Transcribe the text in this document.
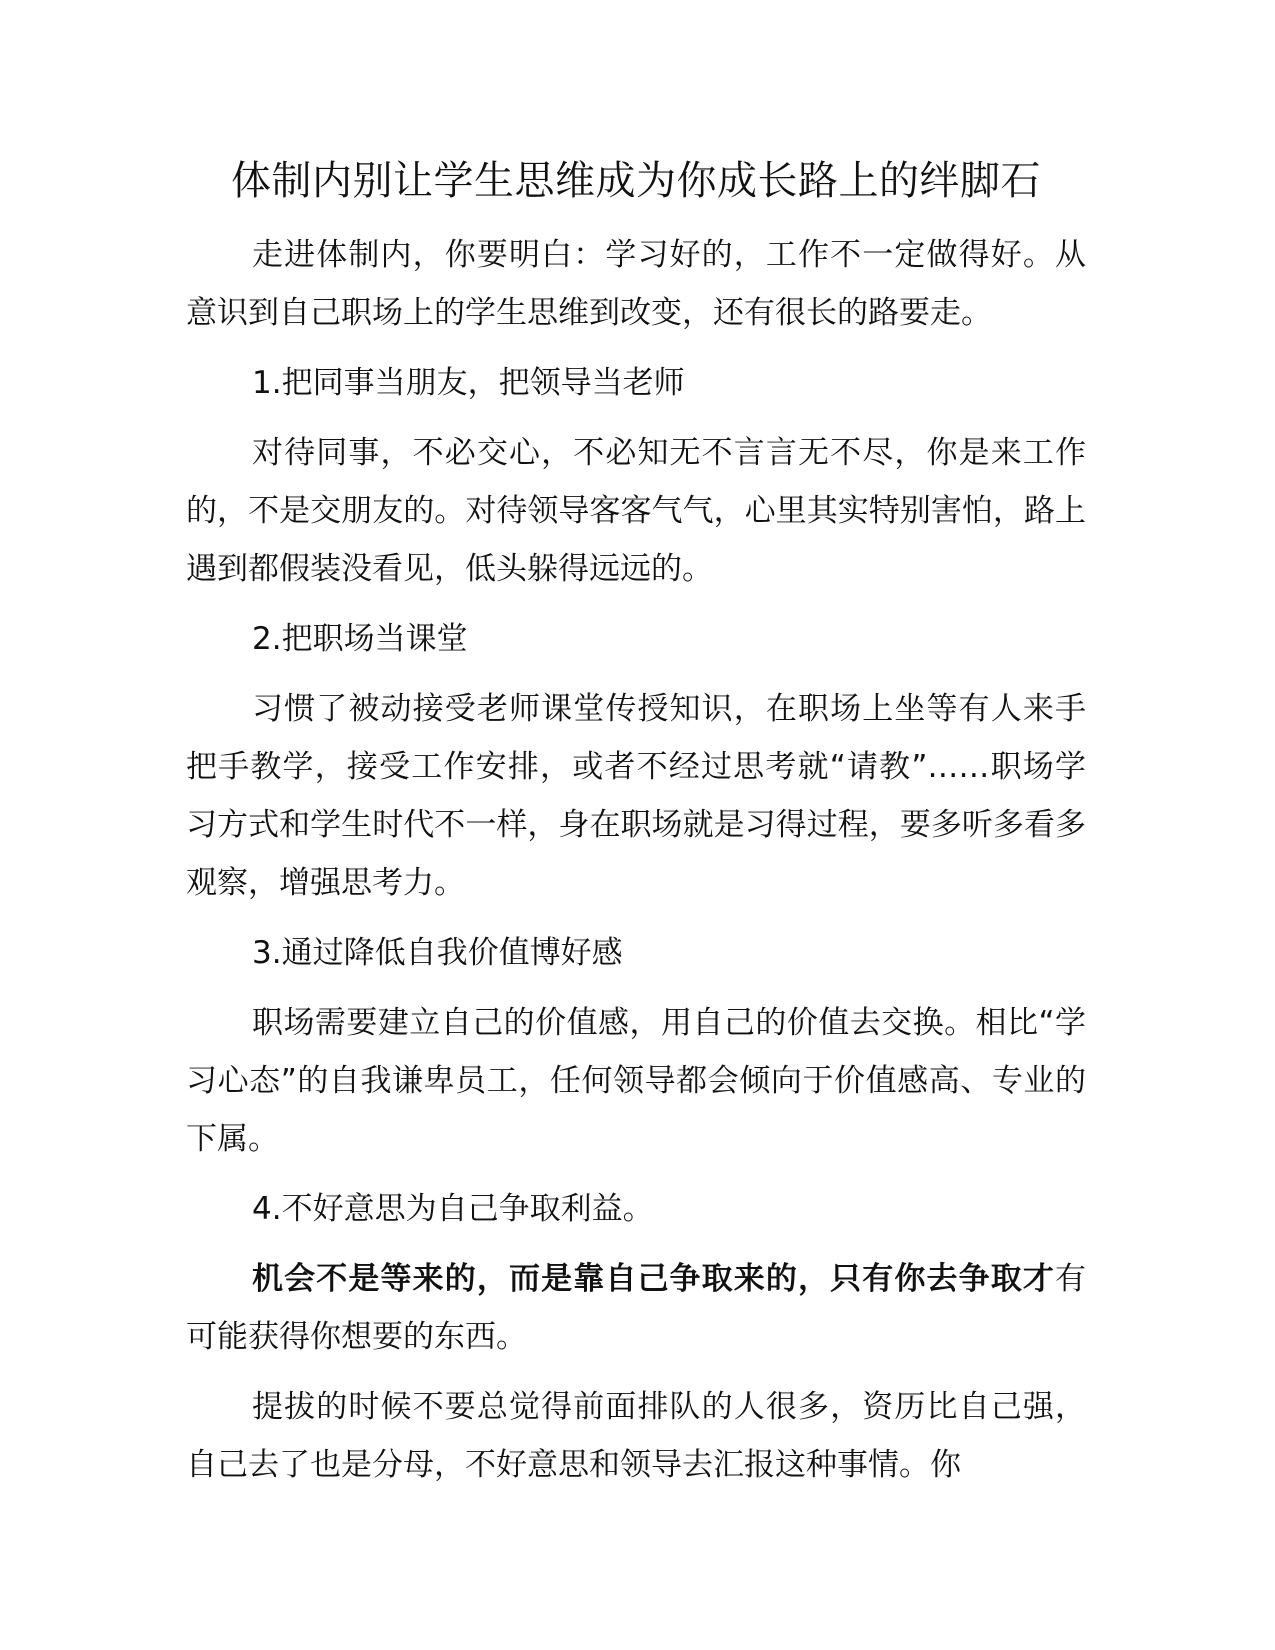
体制内别让学生思维成为你成长路上的绊脚石

走进体制内，你要明白：学习好的，工作不一定做得好。从意识到自己职场上的学生思维到改变，还有很长的路要走。

1.把同事当朋友，把领导当老师

对待同事，不必交心，不必知无不言言无不尽，你是来工作的，不是交朋友的。对待领导客客气气，心里其实特别害怕，路上遇到都假装没看见，低头躲得远远的。

2.把职场当课堂

习惯了被动接受老师课堂传授知识，在职场上坐等有人来手把手教学，接受工作安排，或者不经过思考就“请教”……职场学习方式和学生时代不一样，身在职场就是习得过程，要多听多看多观察，增强思考力。

3.通过降低自我价值博好感

职场需要建立自己的价值感，用自己的价值去交换。相比“学习心态”的自我谦卑员工，任何领导都会倾向于价值感高、专业的下属。

4.不好意思为自己争取利益。

机会不是等来的，而是靠自己争取来的，只有你去争取才有可能获得你想要的东西。

提拔的时候不要总觉得前面排队的人很多，资历比自己强，自己去了也是分母，不好意思和领导去汇报这种事情。你
